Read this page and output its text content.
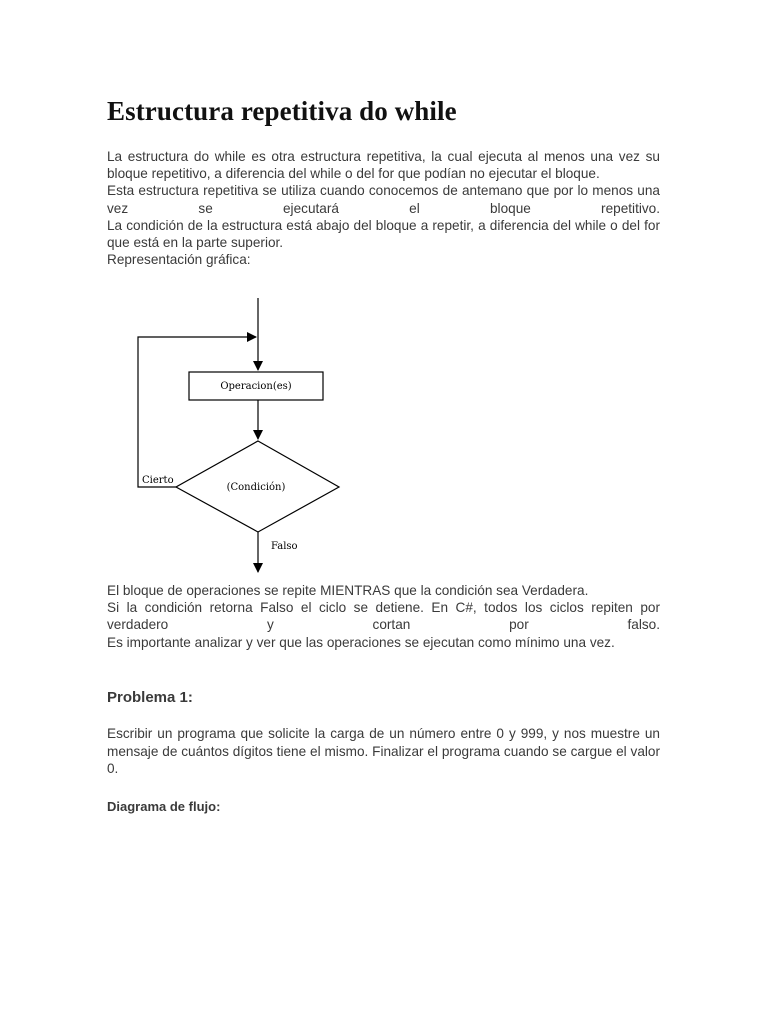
Estructura repetitiva do while

La estructura do while es otra estructura repetitiva, la cual ejecuta al menos una vez su bloque repetitivo, a diferencia del while o del for que podían no ejecutar el bloque.

Esta estructura repetitiva se utiliza cuando conocemos de antemano que por lo menos una vez se ejecutará el bloque repetitivo.

La condición de la estructura está abajo del bloque a repetir, a diferencia del while o del for que está en la parte superior.

Representación gráfica:

Operacion(es)
(Condición)
Cierto
Falso

El bloque de operaciones se repite MIENTRAS que la condición sea Verdadera.

Si la condición retorna Falso el ciclo se detiene. En C#, todos los ciclos repiten por verdadero y cortan por falso.

Es importante analizar y ver que las operaciones se ejecutan como mínimo una vez.

Problema 1:

Escribir un programa que solicite la carga de un número entre 0 y 999, y nos muestre un mensaje de cuántos dígitos tiene el mismo. Finalizar el programa cuando se cargue el valor 0.

Diagrama de flujo:
